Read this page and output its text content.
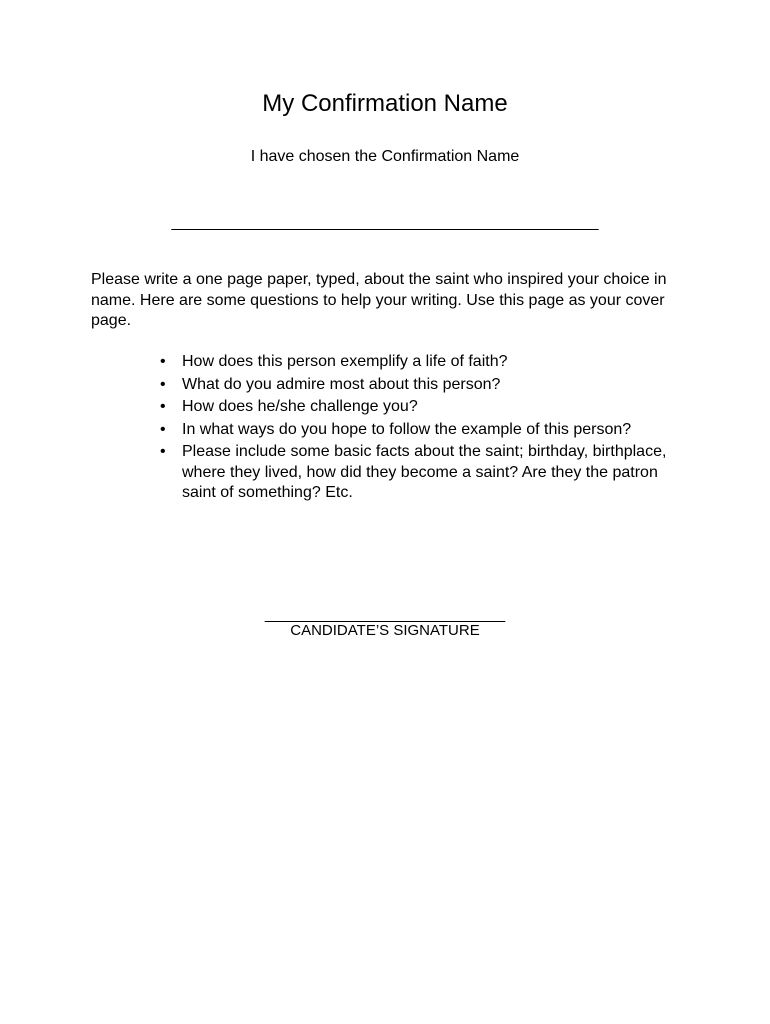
My Confirmation Name
I have chosen the Confirmation Name
________________________________________________
Please write a one page paper, typed, about the saint who inspired your choice in name. Here are some questions to help your writing. Use this page as your cover page.
• How does this person exemplify a life of faith?
• What do you admire most about this person?
• How does he/she challenge you?
• In what ways do you hope to follow the example of this person?
• Please include some basic facts about the saint; birthday, birthplace, where they lived, how did they become a saint? Are they the patron saint of something? Etc.
___________________________
CANDIDATE’S SIGNATURE
